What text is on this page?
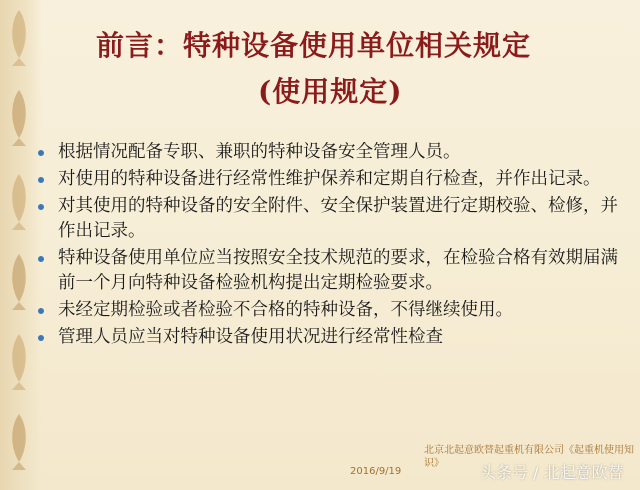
前言：特种设备使用单位相关规定
(使用规定)
根据情况配备专职、兼职的特种设备安全管理人员。
对使用的特种设备进行经常性维护保养和定期自行检查，并作出记录。
对其使用的特种设备的安全附件、安全保护装置进行定期校验、检修，并作出记录。
特种设备使用单位应当按照安全技术规范的要求，在检验合格有效期届满前一个月向特种设备检验机构提出定期检验要求。
未经定期检验或者检验不合格的特种设备，不得继续使用。
管理人员应当对特种设备使用状况进行经常性检查
北京北起意欧替起重机有限公司《起重机使用知识》
2016/9/19	头条号 / 北起意欧替
